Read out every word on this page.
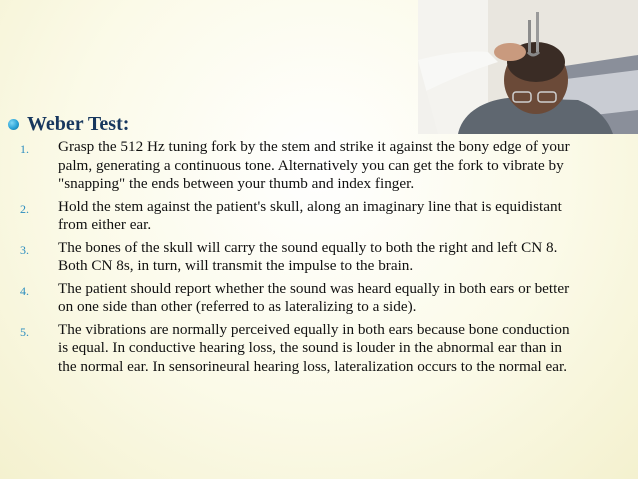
Weber Test:
1.	Grasp the 512 Hz tuning fork by the stem and strike it against the bony edge of your palm, generating a continuous tone. Alternatively you can get the fork to vibrate by "snapping" the ends between your thumb and index finger.
2.	Hold the stem against the patient's skull, along an imaginary line that is equidistant from either ear.
3.	The bones of the skull will carry the sound equally to both the right and left CN 8. Both CN 8s, in turn, will transmit the impulse to the brain.
4.	The patient should report whether the sound was heard equally in both ears or better on one side than other (referred to as lateralizing to a side).
5.	The vibrations are normally perceived equally in both ears because bone conduction is equal. In conductive hearing loss, the sound is louder in the abnormal ear than in the normal ear. In sensorineural hearing loss, lateralization occurs to the normal ear.
